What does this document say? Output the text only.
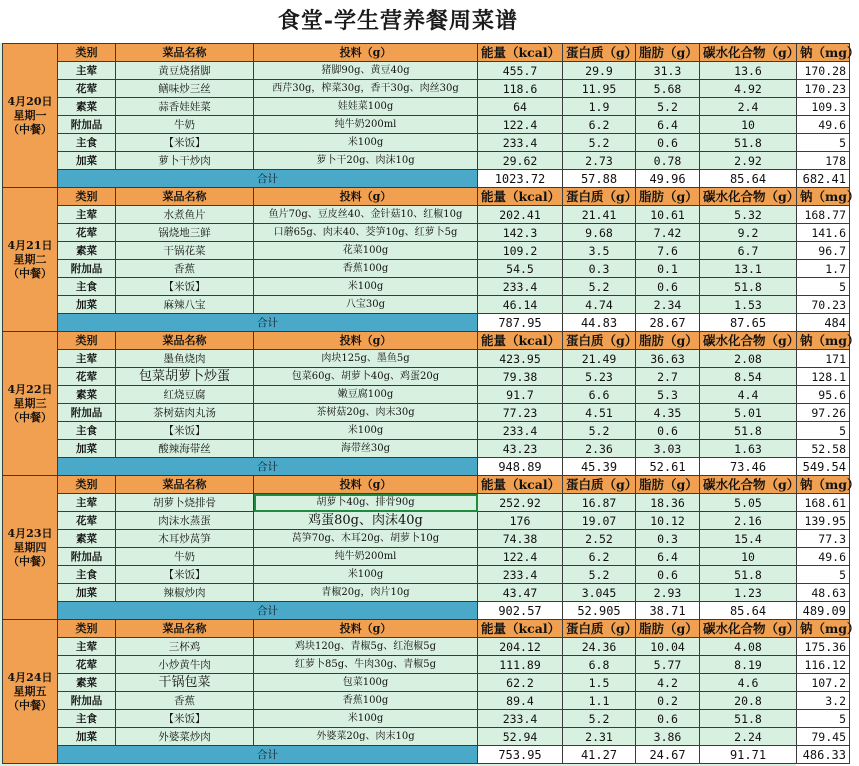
食堂-学生营养餐周菜谱
4月20日
星期一
（中餐）	类别	菜品名称	投料（g）	能量（kcal）	蛋白质（g）	脂肪（g）	碳水化合物（g）	钠（mg）
	主荤	黄豆烧猪脚	猪脚90g、黄豆40g	455.7	29.9	31.3	13.6	170.28
	花荤	鳝味炒三丝	西芹30g，榨菜30g，香干30g、肉丝30g	118.6	11.95	5.68	4.92	170.23
	素菜	蒜香娃娃菜	娃娃菜100g	64	1.9	5.2	2.4	109.3
	附加品	牛奶	纯牛奶200ml	122.4	6.2	6.4	10	49.6
	主食	【米饭】	米100g	233.4	5.2	0.6	51.8	5
	加菜	萝卜干炒肉	萝卜干20g、肉沫10g	29.62	2.73	0.78	2.92	178
	合计			1023.72	57.88	49.96	85.64	682.41

4月21日
星期二
（中餐）	类别	菜品名称	投料（g）	能量（kcal）	蛋白质（g）	脂肪（g）	碳水化合物（g）	钠（mg）
	主荤	水煮鱼片	鱼片70g、豆皮丝40、金针菇10、红椒10g	202.41	21.41	10.61	5.32	168.77
	花荤	锅烧地三鲜	口蘑65g、肉末40、茭笋10g、红萝卜5g	142.3	9.68	7.42	9.2	141.6
	素菜	干锅花菜	花菜100g	109.2	3.5	7.6	6.7	96.7
	附加品	香蕉	香蕉100g	54.5	0.3	0.1	13.1	1.7
	主食	【米饭】	米100g	233.4	5.2	0.6	51.8	5
	加菜	麻辣八宝	八宝30g	46.14	4.74	2.34	1.53	70.23
	合计			787.95	44.83	28.67	87.65	484

4月22日
星期三
（中餐）	类别	菜品名称	投料（g）	能量（kcal）	蛋白质（g）	脂肪（g）	碳水化合物（g）	钠（mg）
	主荤	墨鱼烧肉	肉块125g、墨鱼5g	423.95	21.49	36.63	2.08	171
	花荤	包菜胡萝卜炒蛋	包菜60g、胡萝卜40g、鸡蛋20g	79.38	5.23	2.7	8.54	128.1
	素菜	红烧豆腐	嫩豆腐100g	91.7	6.6	5.3	4.4	95.6
	附加品	茶树菇肉丸汤	茶树菇20g、肉末30g	77.23	4.51	4.35	5.01	97.26
	主食	【米饭】	米100g	233.4	5.2	0.6	51.8	5
	加菜	酸辣海带丝	海带丝30g	43.23	2.36	3.03	1.63	52.58
	合计			948.89	45.39	52.61	73.46	549.54

4月23日
星期四
（中餐）	类别	菜品名称	投料（g）	能量（kcal）	蛋白质（g）	脂肪（g）	碳水化合物（g）	钠（mg）
	主荤	胡萝卜烧排骨	胡萝卜40g、排骨90g	252.92	16.87	18.36	5.05	168.61
	花荤	肉沫水蒸蛋	鸡蛋80g、肉沫40g	176	19.07	10.12	2.16	139.95
	素菜	木耳炒莴笋	莴笋70g、木耳20g、胡萝卜10g	74.38	2.52	0.3	15.4	77.3
	附加品	牛奶	纯牛奶200ml	122.4	6.2	6.4	10	49.6
	主食	【米饭】	米100g	233.4	5.2	0.6	51.8	5
	加菜	辣椒炒肉	青椒20g，肉片10g	43.47	3.045	2.93	1.23	48.63
	合计			902.57	52.905	38.71	85.64	489.09

4月24日
星期五
（中餐）	类别	菜品名称	投料（g）	能量（kcal）	蛋白质（g）	脂肪（g）	碳水化合物（g）	钠（mg）
	主荤	三杯鸡	鸡块120g、青椒5g、红泡椒5g	204.12	24.36	10.04	4.08	175.36
	花荤	小炒黄牛肉	红萝卜85g、牛肉30g、青椒5g	111.89	6.8	5.77	8.19	116.12
	素菜	干锅包菜	包菜100g	62.2	1.5	4.2	4.6	107.2
	附加品	香蕉	香蕉100g	89.4	1.1	0.2	20.8	3.2
	主食	【米饭】	米100g	233.4	5.2	0.6	51.8	5
	加菜	外婆菜炒肉	外婆菜20g、肉末10g	52.94	2.31	3.86	2.24	79.45
	合计			753.95	41.27	24.67	91.71	486.33
